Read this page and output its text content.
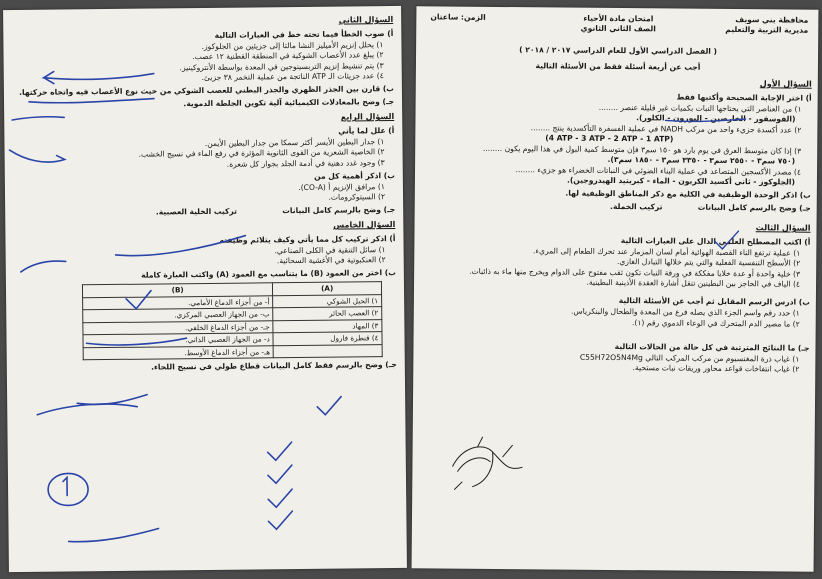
السؤال الثاني
أ) صوب الخطأ فيما تحته خط في العبارات التالية
١) يحلل إنزيم الأميليز النشا مالتا إلى جزيئين من الجلوكوز.
٢) يبلغ عدد الأعصاب الشوكية في المنطقة القطنية ١٢ عصب.
٣) يتم تنشيط إنزيم التربسينوجين في المعدة بواسطة الأنتروكينيز.
٤) عدد جزيئات الـ ATP الناتجة من عملية التخمر ٣٨ جزيئ.
ب) قارن بين الجذر الظهري والجذر البطني للعصب الشوكي من حيث نوع الأعصاب فيه واتجاه حركتها.
جـ) وضح بالمعادلات الكيميائية آلية تكوين الجلطة الدموية.
السؤال الرابع
أ) علل لما يأتي
١) جدار البطين الأيسر أكثر سمكا من جدار البطين الأيمن.
٢) الخاصية الشعرية من القوى الثانوية المؤثرة في رفع الماء في نسيج الخشب.
٣) وجود غدد دهنية في أدمة الجلد بجوار كل شعرة.
ب) اذكر أهمية كل من
١) مرافق الإنزيم أ (CO-A).
٢) السيتوكرومات.
جـ) وضح بالرسم كامل البيانات  تركيب الخلية العصبية.
السؤال الخامس
أ) اذكر تركيب كل مما يأتي وكيف يتلائم وظيفته
١) سائل التنقية في الكلى الصناعي.
٢) العنكبوتية في الأغشية السحائية.
ب) اختر من العمود (B) ما يتناسب مع العمود (A) واكتب العبارة كاملة
(A)	(B)
١) الحبل الشوكي	أ- من أجزاء الدماغ الأمامي.
٢) العصب الحائر	ب- من الجهاز العصبي المركزي.
٣) المهاد	جـ- من أجزاء الدماغ الخلفي.
٤) قنطرة فارول	د- من الجهاز العصبي الذاتي.
	هـ- من أجزاء الدماغ الأوسط.
جـ) وضح بالرسم فقط كامل البيانات قطاع طولي في نسيج اللحاء.
محافظة بني سويف
مديرية التربية والتعليم
امتحان مادة الأحياء
الصف الثاني الثانوي
الزمن: ساعتان
( الفصل الدراسي الأول للعام الدراسي ٢٠١٧ / ٢٠١٨ )
أجب عن أربعة أسئلة فقط من الأسئلة التالية
السؤال الأول
أ) اختر الإجابة الصحيحة وأكتبها فقط
١) من العناصر التي يحتاجها النبات بكميات غير قليلة عنصر ........
(الفوسفور - الخارصين - البورون - الكلور).
٢) عدد أكسدة جزيء واحد من مركب NADH في عملية الفسفرة التأكسدية ينتج ........
(4 ATP - 3 ATP - 2 ATP - 1 ATP)
٣) إذا كان متوسط العرق في يوم بارد هو ١٥٠ سم٣ فإن متوسط كمية البول في هذا اليوم يكون ........
(٧٥٠ سم٣ - ٢٥٥٠ سم٣ - ٣٣٥٠ سم٣ - ١٨٥٠ سم٣).
٤) مصدر الأكسجين المتصاعد في عملية البناء الضوئي في النباتات الخضراء هو جزيء ........
(الجلوكوز - ثاني أكسيد الكربون - الماء - كبريتيد الهيدروجين).
ب) اذكر الوحدة الوظيفية في الكلية مع ذكر المناطق الوظيفية لها.
جـ) وضح بالرسم كامل البيانات  تركيب الخملة.
السؤال الثالث
أ) اكتب المصطلح العلمي الدال على العبارات التالية
١) عملية ترتفع الناء القصبة الهوائية أمام لسان المزمار عند تحرك الطعام إلى المريء.
٢) الأسطح التنفسية الفعلية والتي يتم خلالها التبادل الغازي.
٣) خلية واحدة أو عدة خلايا مفككة في ورقة النبات تكون ثقب مفتوح على الدوام ويخرج منها ماء به ذائبات.
٤) الياف في الحاجز بين البطينين تنقل أشارة العقدة الأذينية البطينية.
ب) ادرس الرسم المقابل ثم أجب عن الأسئلة التالية
١) حدد رقم واسم الجزء الذي يصله فرع من المعدة والطحال والبنكرياس.
٢) ما مصير الدم المتحرك في الوعاء الدموي رقم (١).
جـ) ما النتائج المترتبة في كل حالة من الحالات التالية
١) غياب ذرة المغنسيوم من مركب المركب التالي C55H72O5N4Mg
٢) غياب انتفاخات قواعد محاور وريقات نبات مستحية.
